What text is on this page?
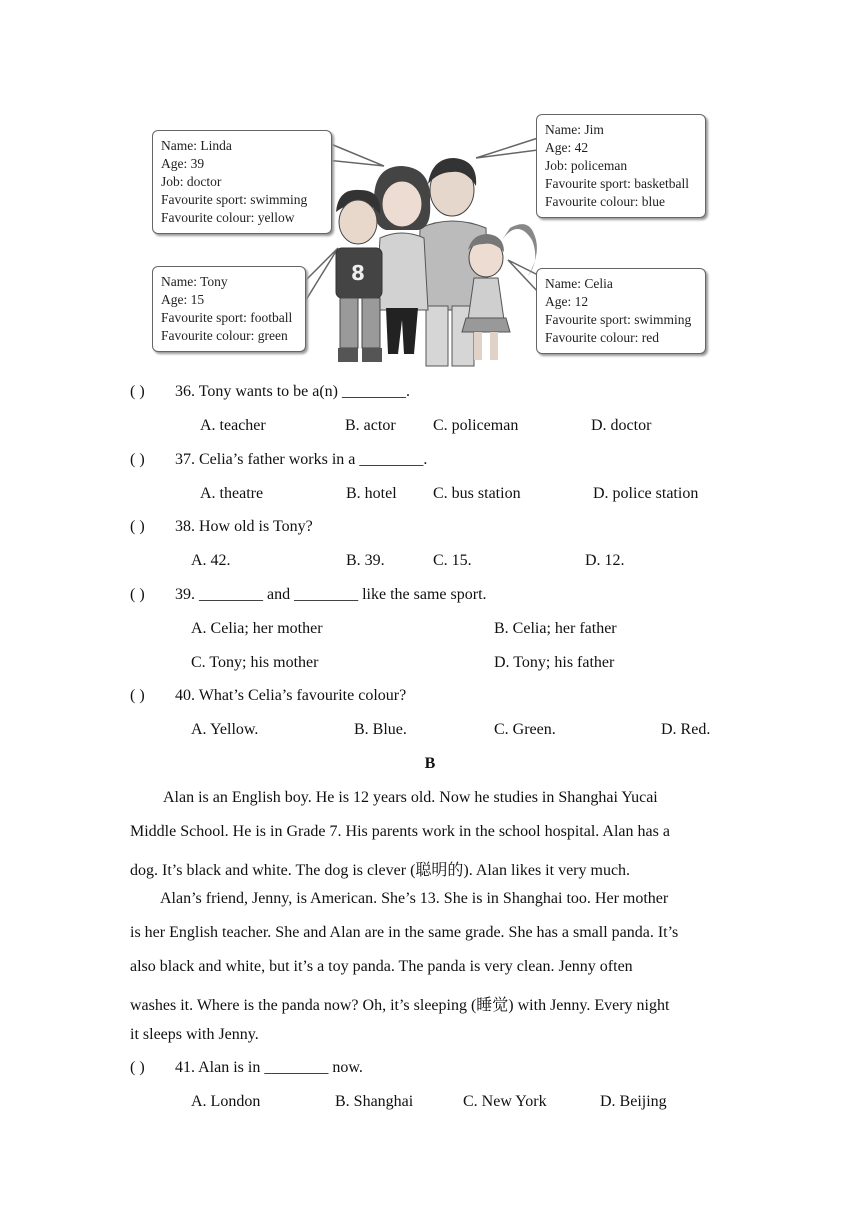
8
Name: Linda
Age: 39
Job: doctor
Favourite sport: swimming
Favourite colour: yellow
Name: Jim
Age: 42
Job: policeman
Favourite sport: basketball
Favourite colour: blue
Name: Tony
Age: 15
Favourite sport: football
Favourite colour: green
Name: Celia
Age: 12
Favourite sport: swimming
Favourite colour: red
( ) 36. Tony wants to be a(n) ________.
A. teacher	B. actor C. policeman	D. doctor
( ) 37. Celia’s father works in a ________.
A. theatre	B. hotel C. bus station	D. police station
( ) 38. How old is Tony?
A. 42.	B. 39.	C. 15.	D. 12.
( ) 39. ________ and ________ like the same sport.
A. Celia; her mother	B. Celia; her father
C. Tony; his mother	D. Tony; his father
( ) 40. What’s Celia’s favourite colour?
A. Yellow.	B. Blue.	C. Green.	D. Red.
B
Alan is an English boy. He is 12 years old. Now he studies in Shanghai Yucai
Middle School. He is in Grade 7. His parents work in the school hospital. Alan has a
dog. It’s black and white. The dog is clever (聪明的). Alan likes it very much.
Alan’s friend, Jenny, is American. She’s 13. She is in Shanghai too. Her mother
is her English teacher. She and Alan are in the same grade. She has a small panda. It’s
also black and white, but it’s a toy panda. The panda is very clean. Jenny often
washes it. Where is the panda now? Oh, it’s sleeping (睡觉) with Jenny. Every night
it sleeps with Jenny.
( ) 41. Alan is in ________ now.
A. London	B. Shanghai	C. New York	D. Beijing
